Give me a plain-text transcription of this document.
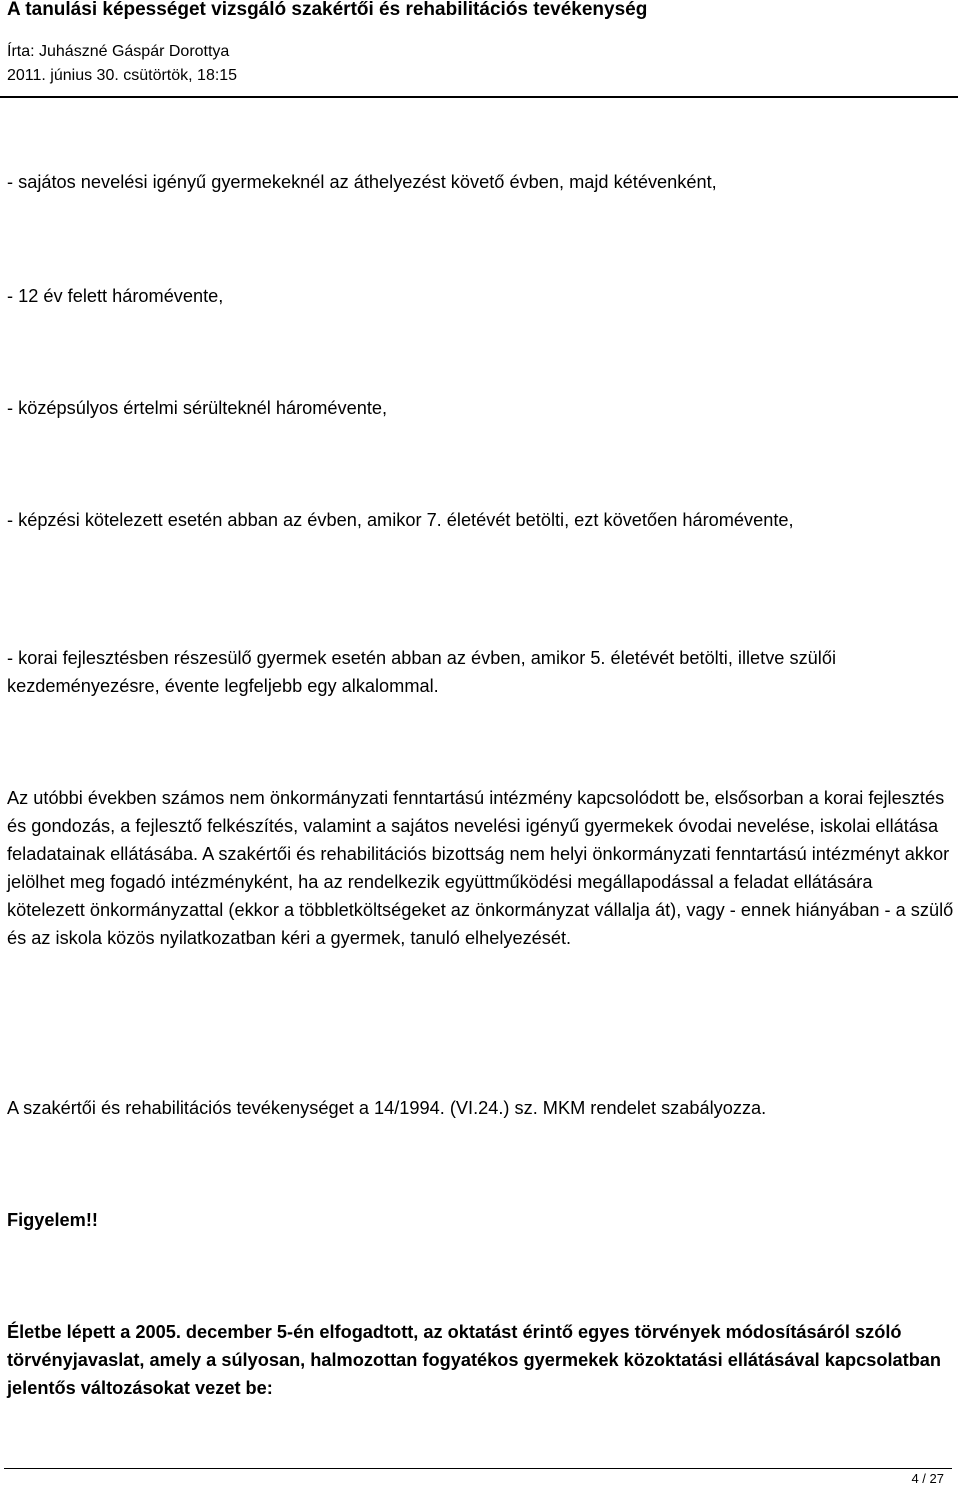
A tanulási képességet vizsgáló szakértői és rehabilitációs tevékenység
Írta: Juhászné Gáspár Dorottya
2011. június 30. csütörtök, 18:15

- sajátos nevelési igényű gyermekeknél az áthelyezést követő évben, majd kétévenként,

- 12 év felett háromévente,

- középsúlyos értelmi sérülteknél háromévente,

- képzési kötelezett esetén abban az évben, amikor 7. életévét betölti, ezt követően háromévente,

- korai fejlesztésben részesülő gyermek esetén abban az évben, amikor 5. életévét betölti, illetve szülői kezdeményezésre, évente legfeljebb egy alkalommal.

Az utóbbi években számos nem önkormányzati fenntartású intézmény kapcsolódott be, elsősorban a korai fejlesztés és gondozás, a fejlesztő felkészítés, valamint a sajátos nevelési igényű gyermekek óvodai nevelése, iskolai ellátása feladatainak ellátásába. A szakértői és rehabilitációs bizottság nem helyi önkormányzati fenntartású intézményt akkor jelölhet meg fogadó intézményként, ha az rendelkezik együttműködési megállapodással a feladat ellátására kötelezett önkormányzattal (ekkor a többletköltségeket az önkormányzat vállalja át), vagy - ennek hiányában - a szülő és az iskola közös nyilatkozatban kéri a gyermek, tanuló elhelyezését.

A szakértői és rehabilitációs tevékenységet a 14/1994. (VI.24.) sz. MKM rendelet szabályozza.

Figyelem!!

Életbe lépett a 2005. december 5-én elfogadtott, az oktatást érintő egyes törvények módosításáról szóló törvényjavaslat, amely a súlyosan, halmozottan fogyatékos gyermekek közoktatási ellátásával kapcsolatban jelentős változásokat vezet be:

4 / 27
